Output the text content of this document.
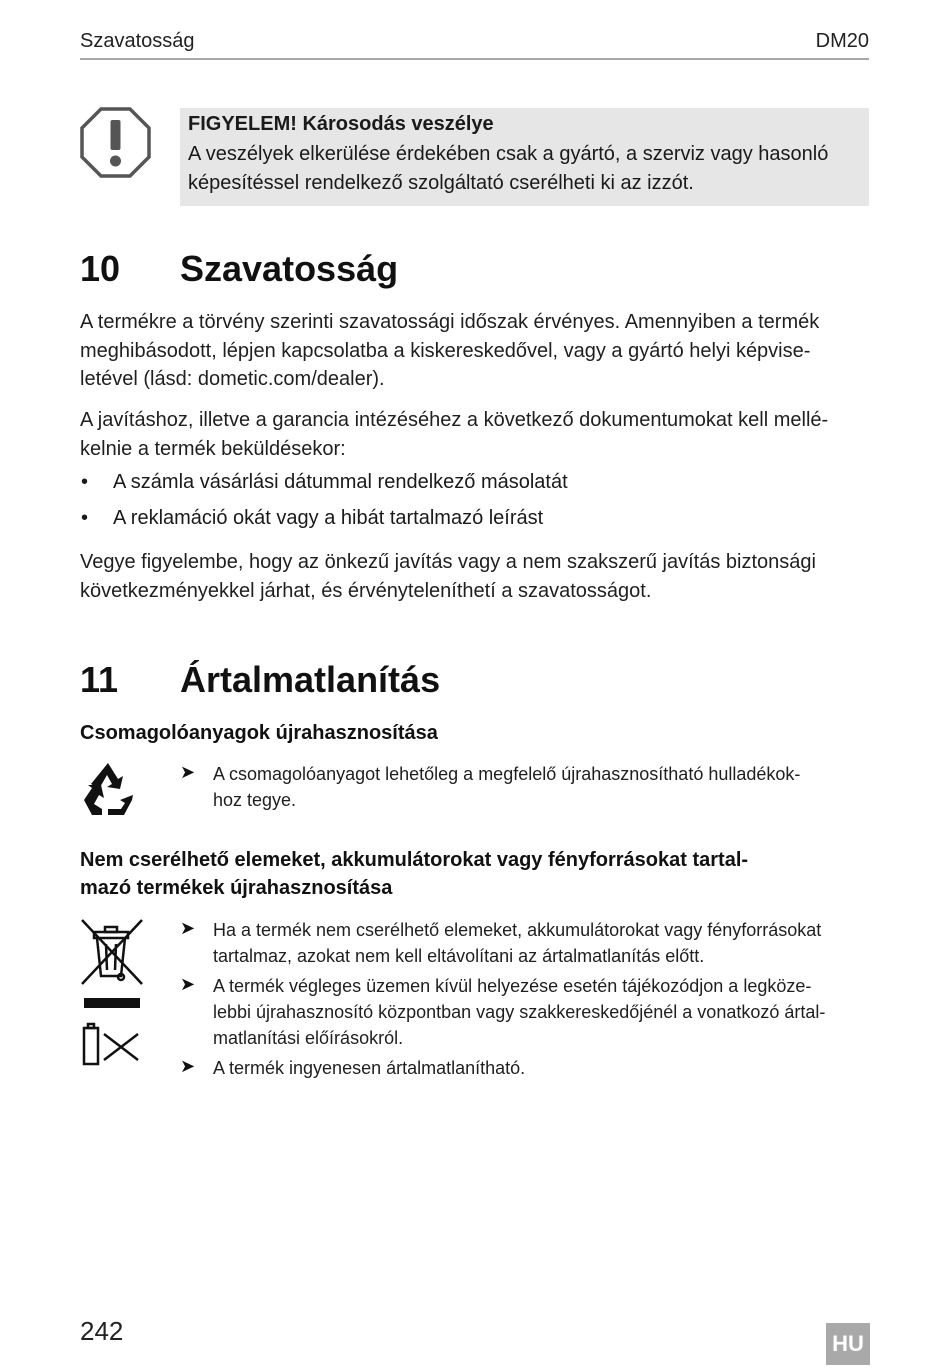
Szavatosság	DM20
FIGYELEM! Károsodás veszélye
A veszélyek elkerülése érdekében csak a gyártó, a szerviz vagy hasonló
képesítéssel rendelkező szolgáltató cserélheti ki az izzót.
10 Szavatosság
A termékre a törvény szerinti szavatossági időszak érvényes. Amennyiben a termék
meghibásodott, lépjen kapcsolatba a kiskereskedővel, vagy a gyártó helyi képvise-
letével (lásd: dometic.com/dealer).
A javításhoz, illetve a garancia intézéséhez a következő dokumentumokat kell mellé-
kelnie a termék beküldésekor:
• A számla vásárlási dátummal rendelkező másolatát
• A reklamáció okát vagy a hibát tartalmazó leírást
Vegye figyelembe, hogy az önkezű javítás vagy a nem szakszerű javítás biztonsági
következményekkel járhat, és érvényteleníthetí a szavatosságot.
11 Ártalmatlanítás
Csomagolóanyagok újrahasznosítása
➤ A csomagolóanyagot lehetőleg a megfelelő újrahasznosítható hulladékok-
hoz tegye.
Nem cserélhető elemeket, akkumulátorokat vagy fényforrásokat tartal-
mazó termékek újrahasznosítása
➤ Ha a termék nem cserélhető elemeket, akkumulátorokat vagy fényforrásokat
tartalmaz, azokat nem kell eltávolítani az ártalmatlanítás előtt.
➤ A termék végleges üzemen kívül helyezése esetén tájékozódjon a legköze-
lebbi újrahasznosító központban vagy szakkereskedőjénél a vonatkozó ártal-
matlanítási előírásokról.
➤ A termék ingyenesen ártalmatlanítható.
242	HU
